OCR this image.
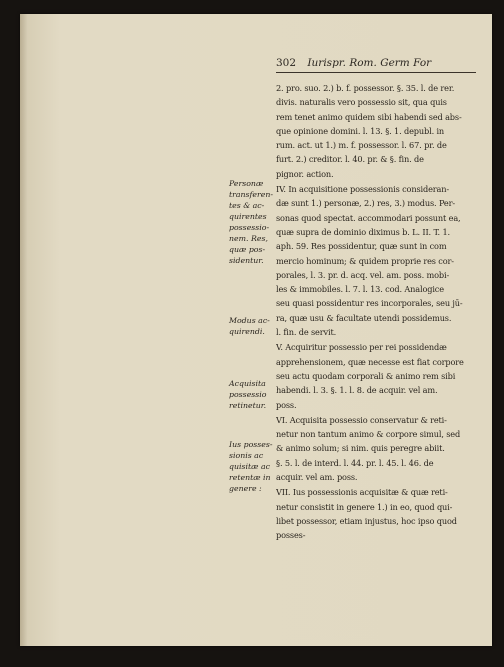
302 Iurispr. Rom. Germ For
2. pro. suo. 2.) b. f. possessor. §. 35. l. de rer.
divis. naturalis vero possessio sit, qua quis
rem tenet animo quidem sibi habendi sed abs-
que opinione domini. l. 13. §. 1. depubl. in
rum. act. ut 1.) m. f. possessor. l. 67. pr. de
furt. 2.) creditor. l. 40. pr. & §. fin. de
pignor. action.
IV. In acquisitione possessionis consideran-
dæ sunt 1.) personæ, 2.) res, 3.) modus. Per-
sonas quod spectat. accommodari possunt ea,
quæ supra de dominio diximus b. L. II. T. 1.
aph. 59. Res possidentur, quæ sunt in com
mercio hominum; & quidem proprie res cor-
porales, l. 3. pr. d. acq. vel. am. poss. mobi-
les & immobiles. l. 7. l. 13. cod. Analogice
seu quasi possidentur res incorporales, seu jū-
ra, quæ usu & facultate utendi possidemus.
l. fin. de servit.
V. Acquiritur possessio per rei possidendæ
apprehensionem, quæ necesse est fiat corpore
seu actu quodam corporali & animo rem sibi
habendi. l. 3. §. 1. l. 8. de acquir. vel am.
poss.
VI. Acquisita possessio conservatur & reti-
netur non tantum animo & corpore simul, sed
& animo solum; si nim. quis peregre abiit.
§. 5. l. de interd. l. 44. pr. l. 45. l. 46. de
acquir. vel am. poss.
VII. Ius possessionis acquisitæ & quæ reti-
netur consistit in genere 1.) in eo, quod qui-
libet possessor, etiam injustus, hoc ipso quod
posses-
Personæ
transferen-
tes & ac-
quirentes
possessio-
nem. Res,
quæ pos-
sidentur.
Modus ac-
quirendi.
Acquisita
possessio
retinetur.
Ius posses-
sionis ac
quisitæ ac
retentæ in
genere :
